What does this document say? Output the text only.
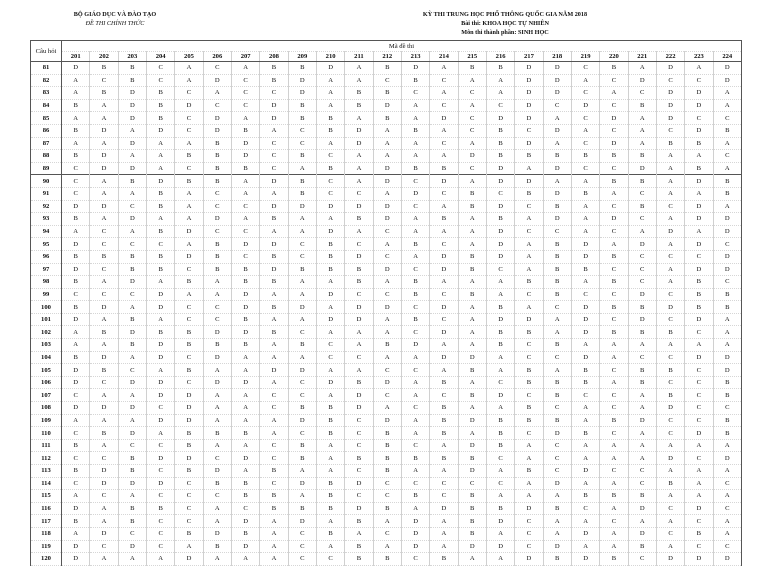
BỘ GIÁO DỤC VÀ ĐÀO TẠO
ĐỀ THI CHÍNH THỨC
KỲ THI TRUNG HỌC PHỔ THÔNG QUỐC GIA NĂM 2018
Bài thi: KHOA HỌC TỰ NHIÊN
Môn thi thành phần: SINH HỌC
Câu hỏi	Mã đề thi																							
	201	202	203	204	205	206	207	208	209	210	211	212	213	214	215	216	217	218	219	220	221	222	223	224
81	D	B	B	C	A	C	A	B	B	D	A	B	D	A	B	B	D	D	C	B	A	D	A	D
82	A	C	B	C	A	D	C	B	D	A	A	C	B	C	A	A	D	D	A	C	D	C	C	D
83	A	B	D	B	C	A	C	C	D	A	B	B	C	A	C	A	D	D	C	A	C	D	D	A
84	B	A	D	B	D	C	C	D	B	A	B	D	A	C	A	C	D	C	D	C	B	D	D	A
85	A	A	D	B	C	D	A	D	B	B	A	B	A	D	C	D	D	A	C	D	A	D	C	C
86	B	D	A	D	C	D	B	A	C	B	D	A	B	A	C	B	C	D	A	C	A	C	D	B
87	A	A	D	A	A	B	D	C	C	A	D	A	A	C	A	B	D	A	C	D	A	B	B	A
88	B	D	A	A	B	B	D	C	B	C	A	A	A	A	D	B	B	B	B	B	B	A	A	C
89	C	D	D	A	C	B	B	C	A	B	A	D	B	B	C	D	A	D	C	C	D	A	B	A
90	C	A	B	D	B	B	A	D	B	C	A	D	C	D	A	D	D	A	A	B	B	A	D	B
91	C	A	A	B	A	C	A	A	B	C	C	A	D	C	B	C	B	D	B	A	C	A	A	B
92	D	D	C	B	A	C	C	D	D	D	D	D	C	A	B	D	C	B	A	C	B	C	D	A
93	B	A	D	A	A	D	A	B	A	A	B	D	A	B	A	B	A	D	A	D	C	A	D	D
94	A	C	A	B	D	C	C	A	A	D	A	C	A	A	A	D	C	C	A	C	A	D	A	D
95	D	C	C	C	A	B	D	D	C	B	C	A	B	C	A	D	A	B	D	A	D	A	D	C
96	B	B	B	B	D	B	C	B	C	B	D	C	A	D	B	D	A	B	D	B	C	C	C	D
97	D	C	B	B	C	B	B	D	B	B	B	D	C	D	B	C	A	B	B	C	C	A	D	D
98	B	A	D	A	B	A	B	B	A	A	B	A	B	A	A	A	B	B	A	B	C	A	B	C
99	C	C	C	D	A	A	D	A	A	D	C	C	B	C	B	A	C	B	C	C	D	C	B	B
100	B	D	A	D	C	C	D	B	D	A	D	D	C	D	A	B	A	C	D	B	B	D	B	B
101	D	A	B	A	C	C	B	A	A	D	D	A	B	C	A	D	D	A	D	C	D	C	D	A
102	A	B	D	B	B	D	D	B	C	A	A	A	C	D	A	B	B	A	D	B	B	B	C	A
103	A	A	B	D	B	B	B	A	B	C	A	B	D	A	A	B	C	B	A	A	A	A	A	A
104	B	D	A	D	C	D	A	A	A	C	C	A	A	D	D	A	C	C	D	A	C	C	D	D
105	D	B	C	A	B	A	A	D	D	A	A	C	C	A	B	A	B	A	B	C	B	B	C	D
106	D	C	D	D	C	D	D	A	C	D	B	D	A	B	A	C	B	B	B	A	B	C	C	B
107	C	A	A	D	D	A	A	C	C	A	D	C	A	C	B	D	C	B	C	C	A	B	C	B
108	D	D	D	C	D	A	A	C	B	B	D	A	C	B	A	A	B	C	A	C	A	D	C	C
109	A	A	A	D	D	A	A	A	D	B	C	D	A	B	D	B	B	B	A	B	D	C	C	B
110	C	B	D	A	B	B	B	A	C	B	C	B	A	B	A	B	C	D	B	C	A	C	D	B
111	B	A	C	C	B	A	A	C	B	A	C	B	C	A	D	B	A	C	A	A	A	A	A	A
112	C	C	B	D	D	C	D	C	B	A	B	B	B	B	B	C	A	C	A	A	A	D	C	D
113	B	D	B	C	B	D	A	B	A	A	C	B	A	A	D	A	B	C	D	C	C	A	A	A
114	C	D	D	D	C	B	B	C	D	B	D	C	C	C	C	C	A	D	A	A	C	B	A	C
115	A	C	A	C	C	C	B	B	A	B	C	C	B	C	B	A	A	A	B	B	B	A	A	A
116	D	A	B	B	C	A	C	B	B	B	D	B	A	D	B	B	D	B	C	A	D	C	D	C
117	B	A	B	C	C	A	D	A	D	A	B	A	D	A	B	D	C	A	A	C	A	A	C	A
118	A	D	C	C	B	D	B	A	C	B	A	C	D	A	B	A	C	A	D	A	D	C	B	A
119	D	C	D	C	A	B	D	A	C	A	B	A	D	A	D	D	C	D	A	A	B	A	C	C
120	D	A	A	A	D	A	A	A	C	C	B	B	C	B	A	A	D	B	D	B	C	D	D	D
